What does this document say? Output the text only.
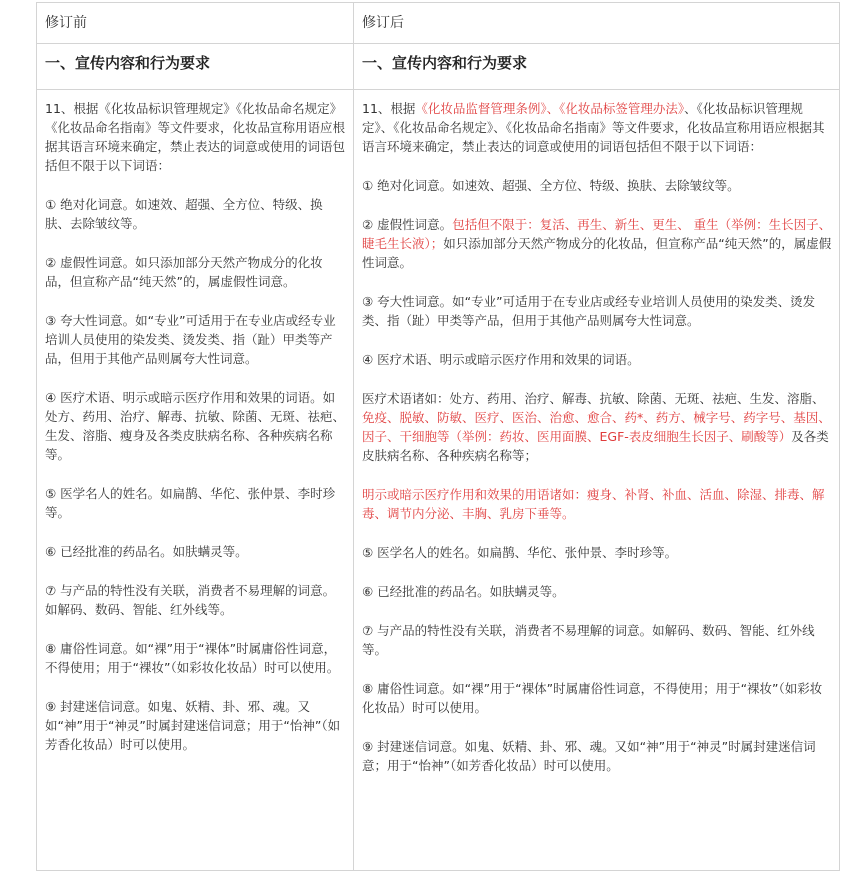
修订前	修订后
一、宣传内容和行为要求	一、宣传内容和行为要求

11、根据《化妆品标识管理规定》《化妆品命名规定》《化妆品命名指南》等文件要求，化妆品宣称用语应根据其语言环境来确定，禁止表达的词意或使用的词语包括但不限于以下词语：

① 绝对化词意。如速效、超强、全方位、特级、换肤、去除皱纹等。

② 虚假性词意。如只添加部分天然产物成分的化妆品，但宣称产品“纯天然”的，属虚假性词意。

③ 夸大性词意。如“专业”可适用于在专业店或经专业培训人员使用的染发类、烫发类、指（趾）甲类等产品，但用于其他产品则属夸大性词意。

④ 医疗术语、明示或暗示医疗作用和效果的词语。如处方、药用、治疗、解毒、抗敏、除菌、无斑、祛疤、生发、溶脂、瘦身及各类皮肤病名称、各种疾病名称等。

⑤ 医学名人的姓名。如扁鹊、华佗、张仲景、李时珍等。

⑥ 已经批准的药品名。如肤螨灵等。

⑦ 与产品的特性没有关联，消费者不易理解的词意。如解码、数码、智能、红外线等。

⑧ 庸俗性词意。如“裸”用于“裸体”时属庸俗性词意，不得使用；用于“裸妆”（如彩妆化妆品）时可以使用。

⑨ 封建迷信词意。如鬼、妖精、卦、邪、魂。又如“神”用于“神灵”时属封建迷信词意；用于“怡神”（如芳香化妆品）时可以使用。

11、根据《化妆品监督管理条例》、《化妆品标签管理办法》、《化妆品标识管理规定》、《化妆品命名规定》、《化妆品命名指南》等文件要求，化妆品宣称用语应根据其语言环境来确定，禁止表达的词意或使用的词语包括但不限于以下词语：

① 绝对化词意。如速效、超强、全方位、特级、换肤、去除皱纹等。

② 虚假性词意。包括但不限于：复活、再生、新生、更生、 重生（举例：生长因子、睫毛生长液）；如只添加部分天然产物成分的化妆品，但宣称产品“纯天然”的，属虚假性词意。

③ 夸大性词意。如“专业”可适用于在专业店或经专业培训人员使用的染发类、烫发类、指（趾）甲类等产品，但用于其他产品则属夸大性词意。

④ 医疗术语、明示或暗示医疗作用和效果的词语。

医疗术语诸如：处方、药用、治疗、解毒、抗敏、除菌、无斑、祛疤、生发、溶脂、免疫、脱敏、防敏、医疗、医治、治愈、愈合、药*、药方、械字号、药字号、基因、因子、干细胞等（举例：药妆、医用面膜、EGF-表皮细胞生长因子、刷酸等）及各类皮肤病名称、各种疾病名称等；

明示或暗示医疗作用和效果的用语诸如：瘦身、补肾、补血、活血、除湿、排毒、解毒、调节内分泌、丰胸、乳房下垂等。

⑤ 医学名人的姓名。如扁鹊、华佗、张仲景、李时珍等。

⑥ 已经批准的药品名。如肤螨灵等。

⑦ 与产品的特性没有关联，消费者不易理解的词意。如解码、数码、智能、红外线等。

⑧ 庸俗性词意。如“裸”用于“裸体”时属庸俗性词意，不得使用；用于“裸妆”（如彩妆化妆品）时可以使用。

⑨ 封建迷信词意。如鬼、妖精、卦、邪、魂。又如“神”用于“神灵”时属封建迷信词意；用于“怡神”（如芳香化妆品）时可以使用。
